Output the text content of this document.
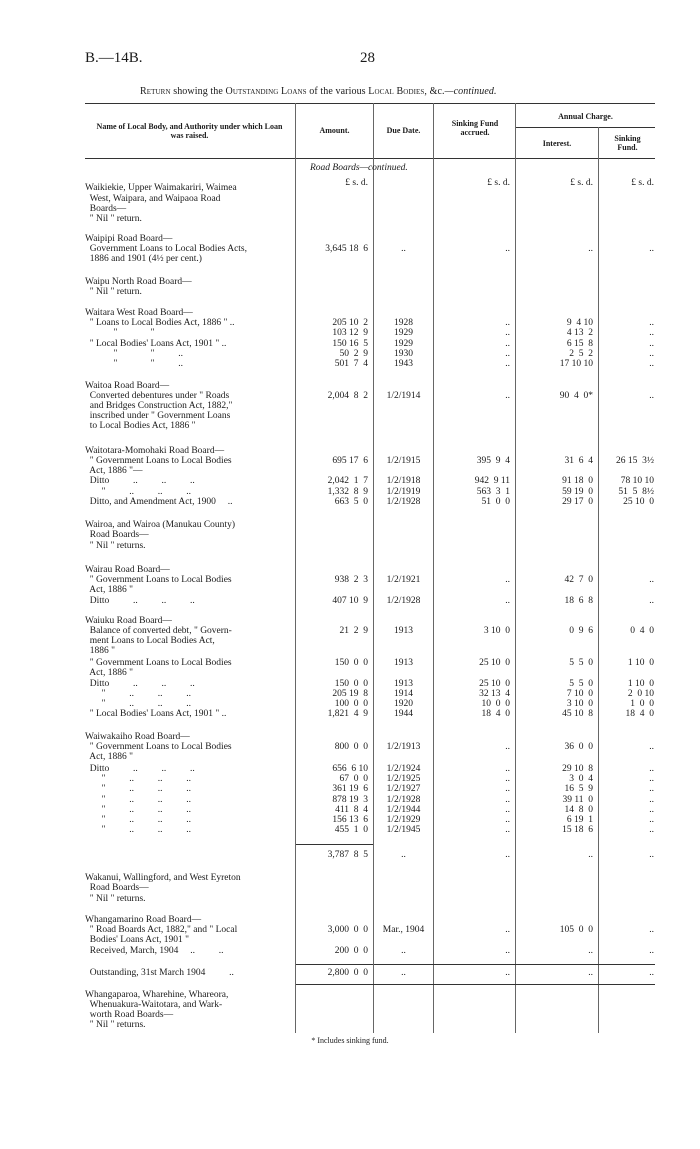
B.—14B.	28
Return showing the Outstanding Loans of the various Local Bodies, &c.—continued.
Name of Local Body, and Authority under which Loan was raised.
Amount.	Due Date.
Sinking Fund accrued.
Annual Charge.
Interest.
Sinking Fund.
Road Boards—continued.
£ s. d.	£ s. d.	£ s. d.	£ s. d.
Waikiekie, Upper Waimakariri, Waimea
West, Waipara, and Waipaoa Road
Boards—
" Nil " return.
Waipipi Road Board—
Government Loans to Local Bodies Acts,	3,645 18  6	..	..	..	..
1886 and 1901 (4½ per cent.)
Waipu North Road Board—
" Nil " return.
Waitara West Road Board—
" Loans to Local Bodies Act, 1886 " ..	205 10  2	1928	..	9  4 10	..
"              "	103 12  9	1929	..	4 13  2	..
" Local Bodies' Loans Act, 1901 " ..	150 16  5	1929	..	6 15  8	..
"              "          ..	50  2  9	1930	..	2  5  2	..
"              "          ..	501  7  4	1943	..	17 10 10	..
Waitoa Road Board—
Converted debentures under " Roads	2,004  8  2	1/2/1914	..	90  4  0*	..
and Bridges Construction Act, 1882,"
inscribed under " Government Loans
to Local Bodies Act, 1886 "
Waitotara-Momohaki Road Board—
" Government Loans to Local Bodies	695 17  6	1/2/1915	395  9  4	31  6  4	26 15  3½
Act, 1886 "—
Ditto          ..          ..          ..	2,042  1  7	1/2/1918	942  9 11	91 18  0	78 10 10
"          ..          ..          ..	1,332  8  9	1/2/1919	563  3  1	59 19  0	51  5  8½
Ditto, and Amendment Act, 1900     ..	663  5  0	1/2/1928	51  0  0	29 17  0	25 10  0
Wairoa, and Wairoa (Manukau County)
Road Boards—
" Nil " returns.
Wairau Road Board—
" Government Loans to Local Bodies	938  2  3	1/2/1921	..	42  7  0	..
Act, 1886 "
Ditto          ..          ..          ..	407 10  9	1/2/1928	..	18  6  8	..
Waiuku Road Board—
Balance of converted debt, " Govern-	21  2  9	1913	3 10  0	0  9  6	0  4  0
ment Loans to Local Bodies Act,
1886 "
" Government Loans to Local Bodies	150  0  0	1913	25 10  0	5  5  0	1 10  0
Act, 1886 "
Ditto          ..          ..          ..	150  0  0	1913	25 10  0	5  5  0	1 10  0
"          ..          ..          ..	205 19  8	1914	32 13  4	7 10  0	2  0 10
"          ..          ..          ..	100  0  0	1920	10  0  0	3 10  0	1  0  0
" Local Bodies' Loans Act, 1901 " ..	1,821  4  9	1944	18  4  0	45 10  8	18  4  0
Waiwakaiho Road Board—
" Government Loans to Local Bodies	800  0  0	1/2/1913	..	36  0  0	..
Act, 1886 "
Ditto          ..          ..          ..	656  6 10	1/2/1924	..	29 10  8	..
"          ..          ..          ..	67  0  0	1/2/1925	..	3  0  4	..
"          ..          ..          ..	361 19  6	1/2/1927	..	16  5  9	..
"          ..          ..          ..	878 19  3	1/2/1928	..	39 11  0	..
"          ..          ..          ..	411  8  4	1/2/1944	..	14  8  0	..
"          ..          ..          ..	156 13  6	1/2/1929	..	6 19  1	..
"          ..          ..          ..	455  1  0	1/2/1945	..	15 18  6	..
3,787  8  5	..	..	..	..
Wakanui, Wallingford, and West Eyreton
Road Boards—
" Nil " returns.
Whangamarino Road Board—
" Road Boards Act, 1882," and " Local	3,000  0  0	Mar., 1904	..	105  0  0	..
Bodies' Loans Act, 1901 "
Received, March, 1904     ..          ..	200  0  0	..	..	..	..
Outstanding, 31st March 1904          ..	2,800  0  0	..	..	..	..
Whangaparoa, Wharehine, Whareora,
Whenuakura-Waitotara, and Wark-
worth Road Boards—
" Nil " returns.
* Includes sinking fund.
